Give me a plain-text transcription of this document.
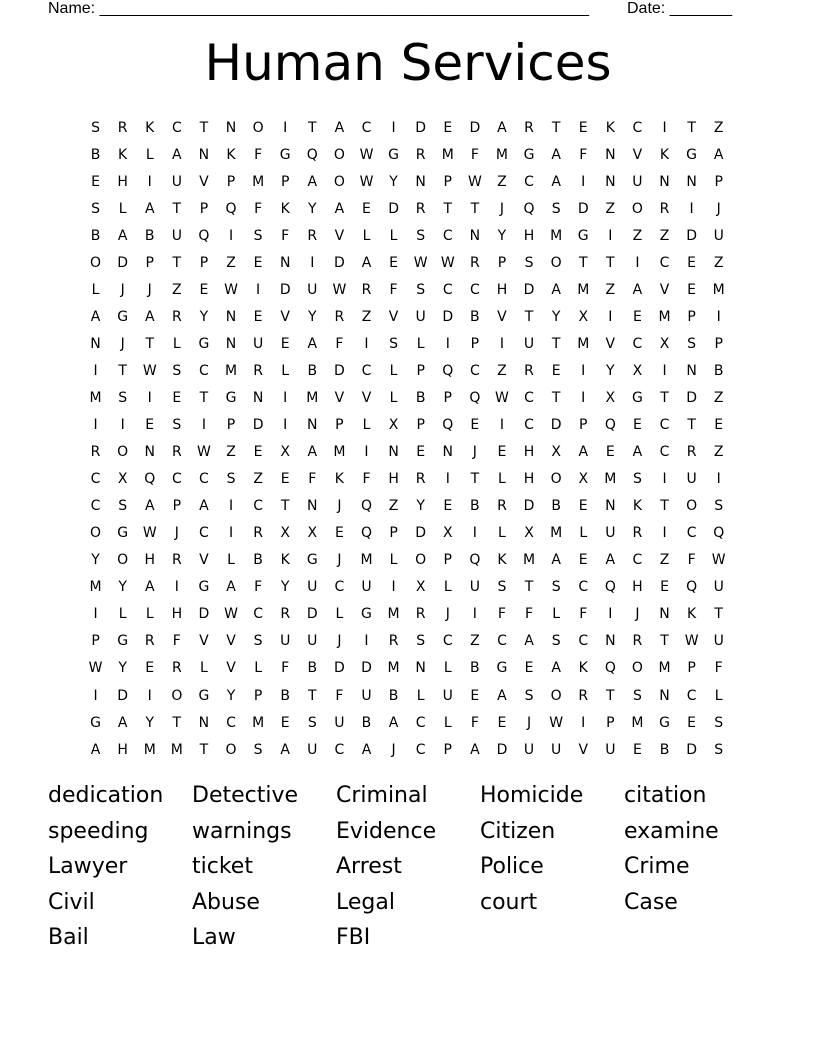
Name: _______________________________________________________ Date: _______
Human Services
S	R	K	C	T	N	O	I	T	A	C	I	D	E	D	A	R	T	E	K	C	I	T	Z
B	K	L	A	N	K	F	G	Q	O	W	G	R	M	F	M	G	A	F	N	V	K	G	A
E	H	I	U	V	P	M	P	A	O	W	Y	N	P	W	Z	C	A	I	N	U	N	N	P
S	L	A	T	P	Q	F	K	Y	A	E	D	R	T	T	J	Q	S	D	Z	O	R	I	J
B	A	B	U	Q	I	S	F	R	V	L	L	S	C	N	Y	H	M	G	I	Z	Z	D	U
O	D	P	T	P	Z	E	N	I	D	A	E	W W	R	P	S	O	T	T	I	C	E	Z
L	J	J	Z	E	W	I	D	U	W	R	F	S	C	C	H	D	A	M	Z	A	V	E	M
A	G	A	R	Y	N	E	V	Y	R	Z	V	U	D	B	V	T	Y	X	I	E	M	P	I
N	J	T	L	G	N	U	E	A	F	I	S	L	I	P	I	U	T	M	V	C	X	S	P
I	T	W	S	C	M	R	L	B	D	C	L	P	Q	C	Z	R	E	I	Y	X	I	N	B
M	S	I	E	T	G	N	I	M	V	V	L	B	P	Q	W	C	T	I	X	G	T	D	Z
I	I	E	S	I	P	D	I	N	P	L	X	P	Q	E	I	C	D	P	Q	E	C	T	E
R	O	N	R	W	Z	E	X	A	M	I	N	E	N	J	E	H	X	A	E	A	C	R	Z
C	X	Q	C	C	S	Z	E	F	K	F	H	R	I	T	L	H	O	X	M	S	I	U	I
C	S	A	P	A	I	C	T	N	J	Q	Z	Y	E	B	R	D	B	E	N	K	T	O	S
O	G	W	J	C	I	R	X	X	E	Q	P	D	X	I	L	X	M	L	U	R	I	C	Q
Y	O	H	R	V	L	B	K	G	J	M	L	O	P	Q	K	M	A	E	A	C	Z	F	W
M	Y	A	I	G	A	F	Y	U	C	U	I	X	L	U	S	T	S	C	Q	H	E	Q	U
I	L	L	H	D	W	C	R	D	L	G	M	R	J	I	F	F	L	F	I	J	N	K	T
P	G	R	F	V	V	S	U	U	J	I	R	S	C	Z	C	A	S	C	N	R	T	W	U
W	Y	E	R	L	V	L	F	B	D	D	M	N	L	B	G	E	A	K	Q	O	M	P	F
I	D	I	O	G	Y	P	B	T	F	U	B	L	U	E	A	S	O	R	T	S	N	C	L
G	A	Y	T	N	C	M	E	S	U	B	A	C	L	F	E	J	W	I	P	M	G	E	S
A	H	M	M	T	O	S	A	U	C	A	J	C	P	A	D	U	U	V	U	E	B	D	S
dedication	Detective	Criminal	Homicide	citation
speeding	warnings	Evidence	Citizen	examine
Lawyer	ticket	Arrest	Police	Crime
Civil	Abuse	Legal	court	Case
Bail	Law	FBI
